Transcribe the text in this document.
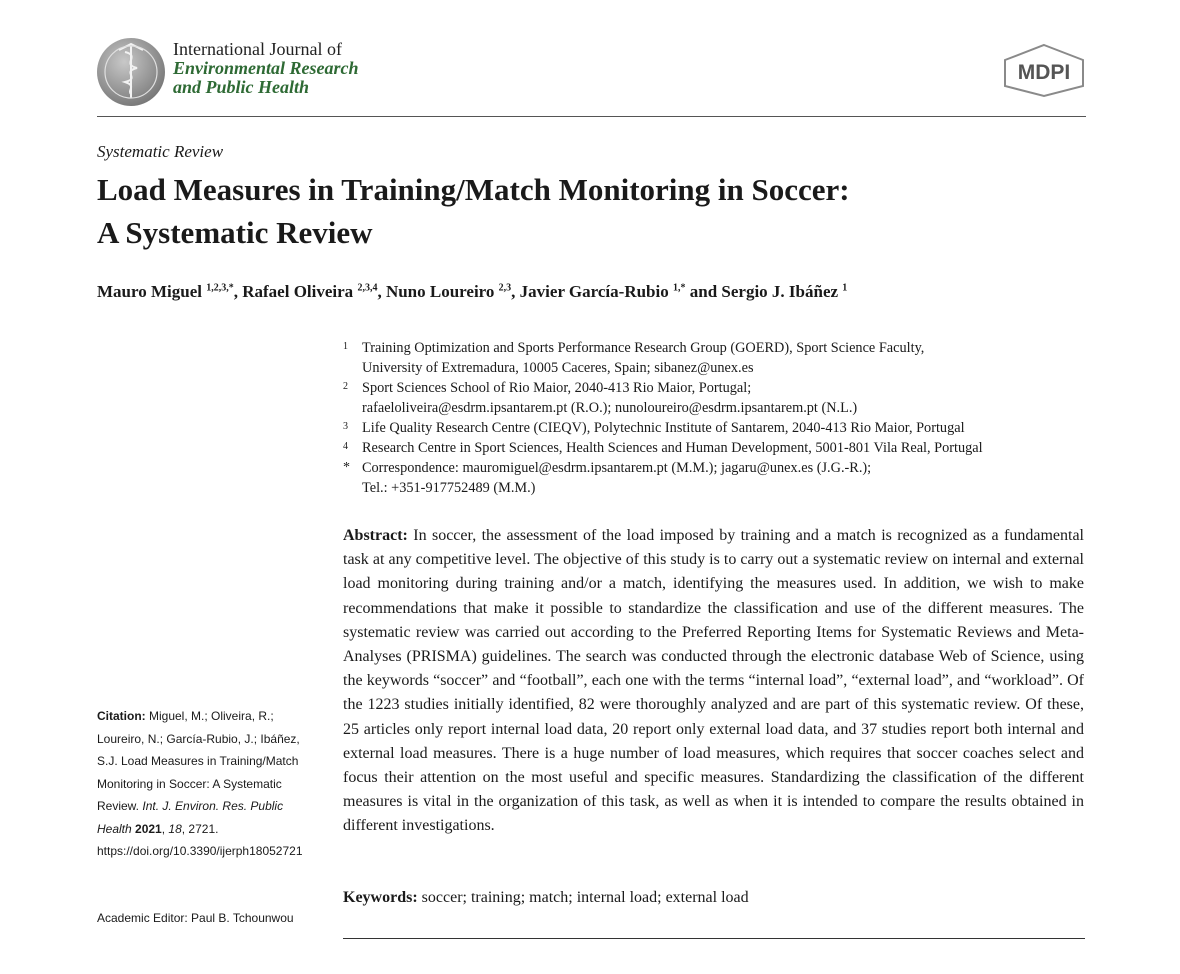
International Journal of
Environmental Research
and Public Health
MDPI
Systematic Review
Load Measures in Training/Match Monitoring in Soccer:
A Systematic Review
Mauro Miguel $^{1,2,3,*}$, Rafael Oliveira $^{2,3,4}$, Nuno Loureiro $^{2,3}$, Javier García-Rubio $^{1,*}$ and Sergio J. Ibáñez $^1$
1 Training Optimization and Sports Performance Research Group (GOERD), Sport Science Faculty,
University of Extremadura, 10005 Caceres, Spain; sibanez@unex.es
2 Sport Sciences School of Rio Maior, 2040-413 Rio Maior, Portugal;
rafaeloliveira@esdrm.ipsantarem.pt (R.O.); nunoloureiro@esdrm.ipsantarem.pt (N.L.)
3 Life Quality Research Centre (CIEQV), Polytechnic Institute of Santarem, 2040-413 Rio Maior, Portugal
4 Research Centre in Sport Sciences, Health Sciences and Human Development, 5001-801 Vila Real, Portugal
* Correspondence: mauromiguel@esdrm.ipsantarem.pt (M.M.); jagaru@unex.es (J.G.-R.);
Tel.: +351-917752489 (M.M.)
Abstract: In soccer, the assessment of the load imposed by training and a match is recognized as a fundamental task at any competitive level. The objective of this study is to carry out a systematic review on internal and external load monitoring during training and/or a match, identifying the measures used. In addition, we wish to make recommendations that make it possible to standardize the classification and use of the different measures. The systematic review was carried out according to the Preferred Reporting Items for Systematic Reviews and Meta-Analyses (PRISMA) guidelines. The search was conducted through the electronic database Web of Science, using the keywords “soccer” and “football”, each one with the terms “internal load”, “external load”, and “workload”. Of the 1223 studies initially identified, 82 were thoroughly analyzed and are part of this systematic review. Of these, 25 articles only report internal load data, 20 report only external load data, and 37 studies report both internal and external load measures. There is a huge number of load measures, which requires that soccer coaches select and focus their attention on the most useful and specific measures. Standardizing the classification of the different measures is vital in the organization of this task, as well as when it is intended to compare the results obtained in different investigations.
Keywords: soccer; training; match; internal load; external load
Citation: Miguel, M.; Oliveira, R.; Loureiro, N.; García-Rubio, J.; Ibáñez, S.J. Load Measures in Training/Match Monitoring in Soccer: A Systematic Review. Int. J. Environ. Res. Public Health 2021, 18, 2721. https://doi.org/10.3390/ijerph18052721
Academic Editor: Paul B. Tchounwou
